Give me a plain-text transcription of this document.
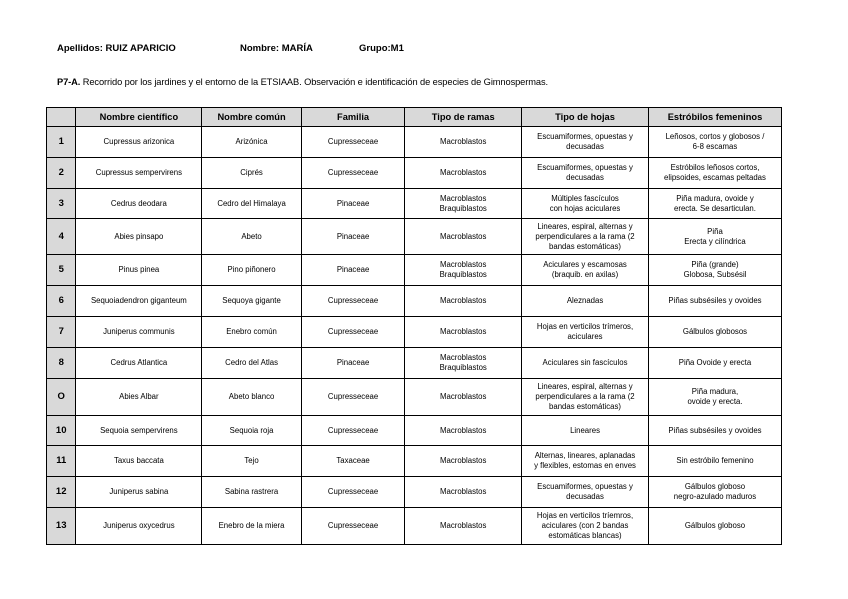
Apellidos: RUIZ APARICIO	Nombre: MARÍA	Grupo:M1
P7-A. Recorrido por los jardines y el entorno de la ETSIAAB. Observación e identificación de especies de Gimnospermas.
	Nombre científico	Nombre común	Familia	Tipo de ramas	Tipo de hojas	Estróbilos femeninos
1	Cupressus arizonica	Arizónica	Cupresseceae	Macroblastos	Escuamiformes, opuestas y
decusadas	Leñosos, cortos y globosos /
6-8 escamas
2	Cupressus sempervirens	Ciprés	Cupresseceae	Macroblastos	Escuamiformes, opuestas y
decusadas	Estróbilos leñosos cortos,
elipsoides, escamas peltadas
3	Cedrus deodara	Cedro del Himalaya	Pinaceae	Macroblastos
Braquiblastos	Múltiples fascículos
con hojas aciculares	Piña madura, ovoide y
erecta. Se desarticulan.
4	Abies pinsapo	Abeto	Pinaceae	Macroblastos	Lineares, espiral, alternas y
perpendiculares a la rama (2
bandas estomáticas)	Piña
Erecta y cilíndrica
5	Pinus pinea	Pino piñonero	Pinaceae	Macroblastos
Braquiblastos	Aciculares y escamosas
(braquib. en axilas)	Piña (grande)
Globosa, Subsésil
6	Sequoiadendron giganteum	Sequoya gigante	Cupresseceae	Macroblastos	Aleznadas	Piñas subsésiles y ovoides
7	Juniperus communis	Enebro común	Cupresseceae	Macroblastos	Hojas en verticilos trímeros,
aciculares	Gálbulos globosos
8	Cedrus Atlantica	Cedro del Atlas	Pinaceae	Macroblastos
Braquiblastos	Aciculares sin fascículos	Piña Ovoide y erecta
O	Abies Albar	Abeto blanco	Cupresseceae	Macroblastos	Lineares, espiral, alternas y
perpendiculares a la rama (2
bandas estomáticas)	Piña madura,
ovoide y erecta.
10	Sequoia sempervirens	Sequoia roja	Cupresseceae	Macroblastos	Lineares	Piñas subsésiles y ovoides
11	Taxus baccata	Tejo	Taxaceae	Macroblastos	Alternas, lineares, aplanadas
y flexibles, estomas en enves	Sin estróbilo femenino
12	Juniperus sabina	Sabina rastrera	Cupresseceae	Macroblastos	Escuamiformes, opuestas y
decusadas	Gálbulos globoso
negro-azulado maduros
13	Juniperus oxycedrus	Enebro de la miera	Cupresseceae	Macroblastos	Hojas en verticilos tríemros,
aciculares (con 2 bandas
estomáticas blancas)	Gálbulos globoso
